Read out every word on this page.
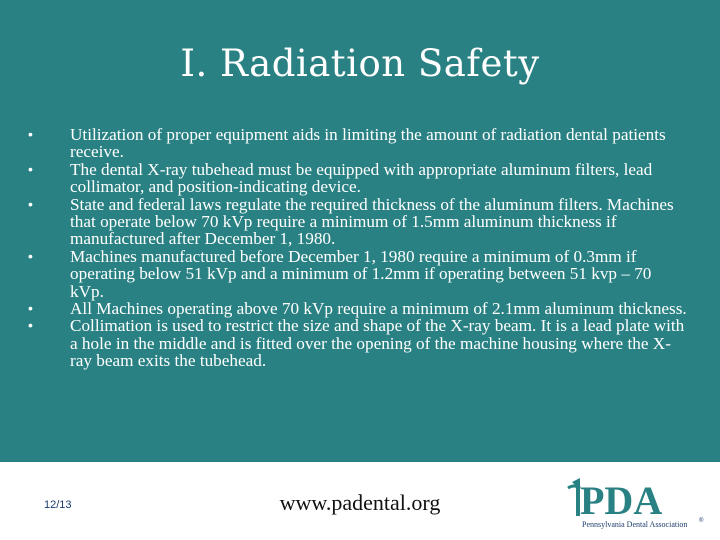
I. Radiation Safety
•	Utilization of proper equipment aids in limiting the amount of radiation dental patients receive.
•	The dental X-ray tubehead must be equipped with appropriate aluminum filters, lead collimator, and position-indicating device.
•	State and federal laws regulate the required thickness of the aluminum filters. Machines that operate below 70 kVp require a minimum of 1.5mm aluminum thickness if manufactured after December 1, 1980.
•	Machines manufactured before December 1, 1980 require a minimum of 0.3mm if operating below 51 kVp and a minimum of 1.2mm if operating between 51 kvp – 70 kVp.
•	All Machines operating above 70 kVp require a minimum of 2.1mm aluminum thickness.
•	Collimation is used to restrict the size and shape of the X-ray beam. It is a lead plate with a hole in the middle and is fitted over the opening of the machine housing where the X-ray beam exits the tubehead.
12/13	www.padental.org	PDA
Pennsylvania Dental Association ®
